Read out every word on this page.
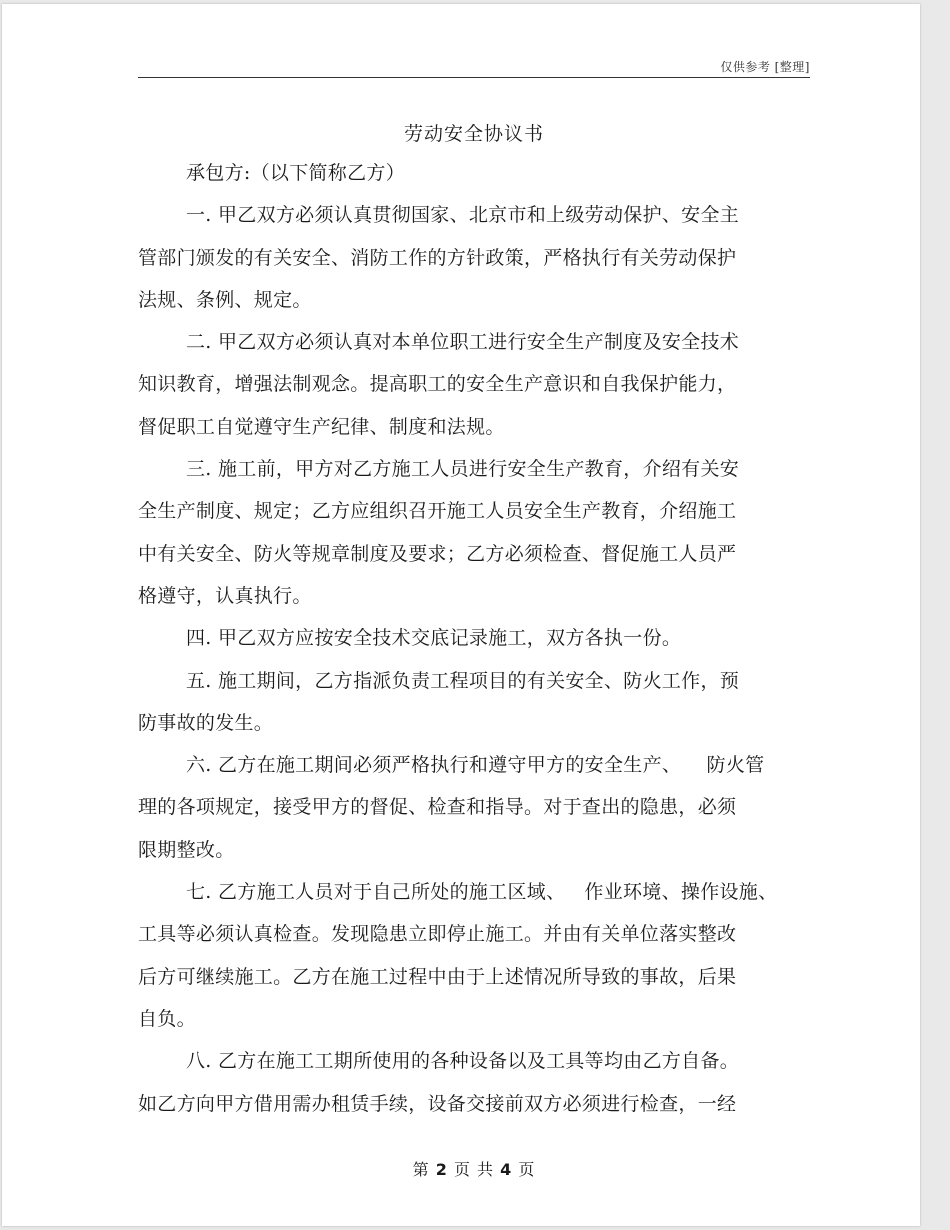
仅供参考 [整理]
劳动安全协议书
承包方:（以下简称乙方）
一. 甲乙双方必须认真贯彻国家、北京市和上级劳动保护、安全主
管部门颁发的有关安全、消防工作的方针政策，严格执行有关劳动保护
法规、条例、规定。
二. 甲乙双方必须认真对本单位职工进行安全生产制度及安全技术
知识教育，增强法制观念。提高职工的安全生产意识和自我保护能力，
督促职工自觉遵守生产纪律、制度和法规。
三. 施工前，甲方对乙方施工人员进行安全生产教育，介绍有关安
全生产制度、规定；乙方应组织召开施工人员安全生产教育，介绍施工
中有关安全、防火等规章制度及要求；乙方必须检查、督促施工人员严
格遵守，认真执行。
四. 甲乙双方应按安全技术交底记录施工，双方各执一份。
五. 施工期间，乙方指派负责工程项目的有关安全、防火工作，预
防事故的发生。
六. 乙方在施工期间必须严格执行和遵守甲方的安全生产、    防火管
理的各项规定，接受甲方的督促、检查和指导。对于查出的隐患，必须
限期整改。
七. 乙方施工人员对于自己所处的施工区域、   作业环境、操作设施、
工具等必须认真检查。发现隐患立即停止施工。并由有关单位落实整改
后方可继续施工。乙方在施工过程中由于上述情况所导致的事故，后果
自负。
八. 乙方在施工工期所使用的各种设备以及工具等均由乙方自备。
如乙方向甲方借用需办租赁手续，设备交接前双方必须进行检查，一经
第 2 页 共 4 页
